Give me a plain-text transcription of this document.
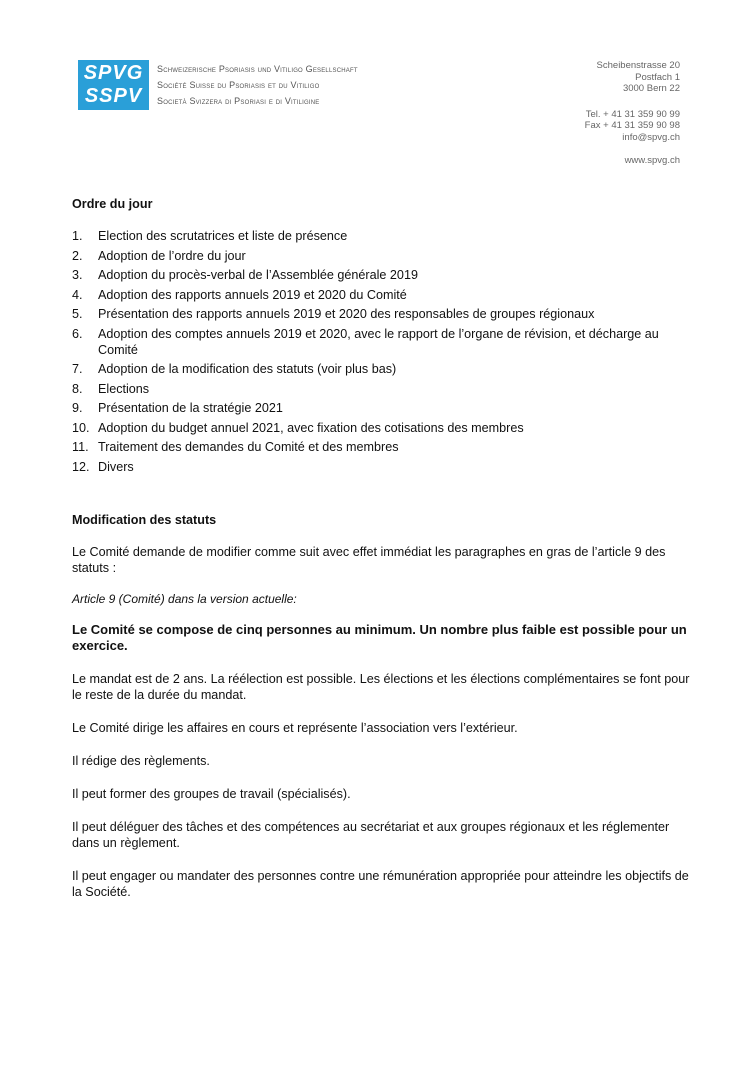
SPVG
SSPV
Schweizerische Psoriasis und Vitiligo Gesellschaft
Société Suisse du Psoriasis et du Vitiligo
Società Svizzera di Psoriasi e di Vitiligine
Scheibenstrasse 20
Postfach 1
3000 Bern 22
Tel. + 41 31 359 90 99
Fax + 41 31 359 90 98
info@spvg.ch
www.spvg.ch
Ordre du jour
1. Election des scrutatrices et liste de présence
2. Adoption de l’ordre du jour
3. Adoption du procès-verbal de l’Assemblée générale 2019
4. Adoption des rapports annuels 2019 et 2020 du Comité
5. Présentation des rapports annuels 2019 et 2020 des responsables de groupes régionaux
6. Adoption des comptes annuels 2019 et 2020, avec le rapport de l’organe de révision, et décharge au Comité
7. Adoption de la modification des statuts (voir plus bas)
8. Elections
9. Présentation de la stratégie 2021
10. Adoption du budget annuel 2021, avec fixation des cotisations des membres
11. Traitement des demandes du Comité et des membres
12. Divers
Modification des statuts

Le Comité demande de modifier comme suit avec effet immédiat les paragraphes en gras de l’article 9 des statuts :

Article 9 (Comité) dans la version actuelle:

Le Comité se compose de cinq personnes au minimum. Un nombre plus faible est possible pour un exercice.

Le mandat est de 2 ans. La réélection est possible. Les élections et les élections complémentaires se font pour le reste de la durée du mandat.

Le Comité dirige les affaires en cours et représente l’association vers l’extérieur.

Il rédige des règlements.

Il peut former des groupes de travail (spécialisés).

Il peut déléguer des tâches et des compétences au secrétariat et aux groupes régionaux et les réglementer dans un règlement.

Il peut engager ou mandater des personnes contre une rémunération appropriée pour atteindre les objectifs de la Société.
